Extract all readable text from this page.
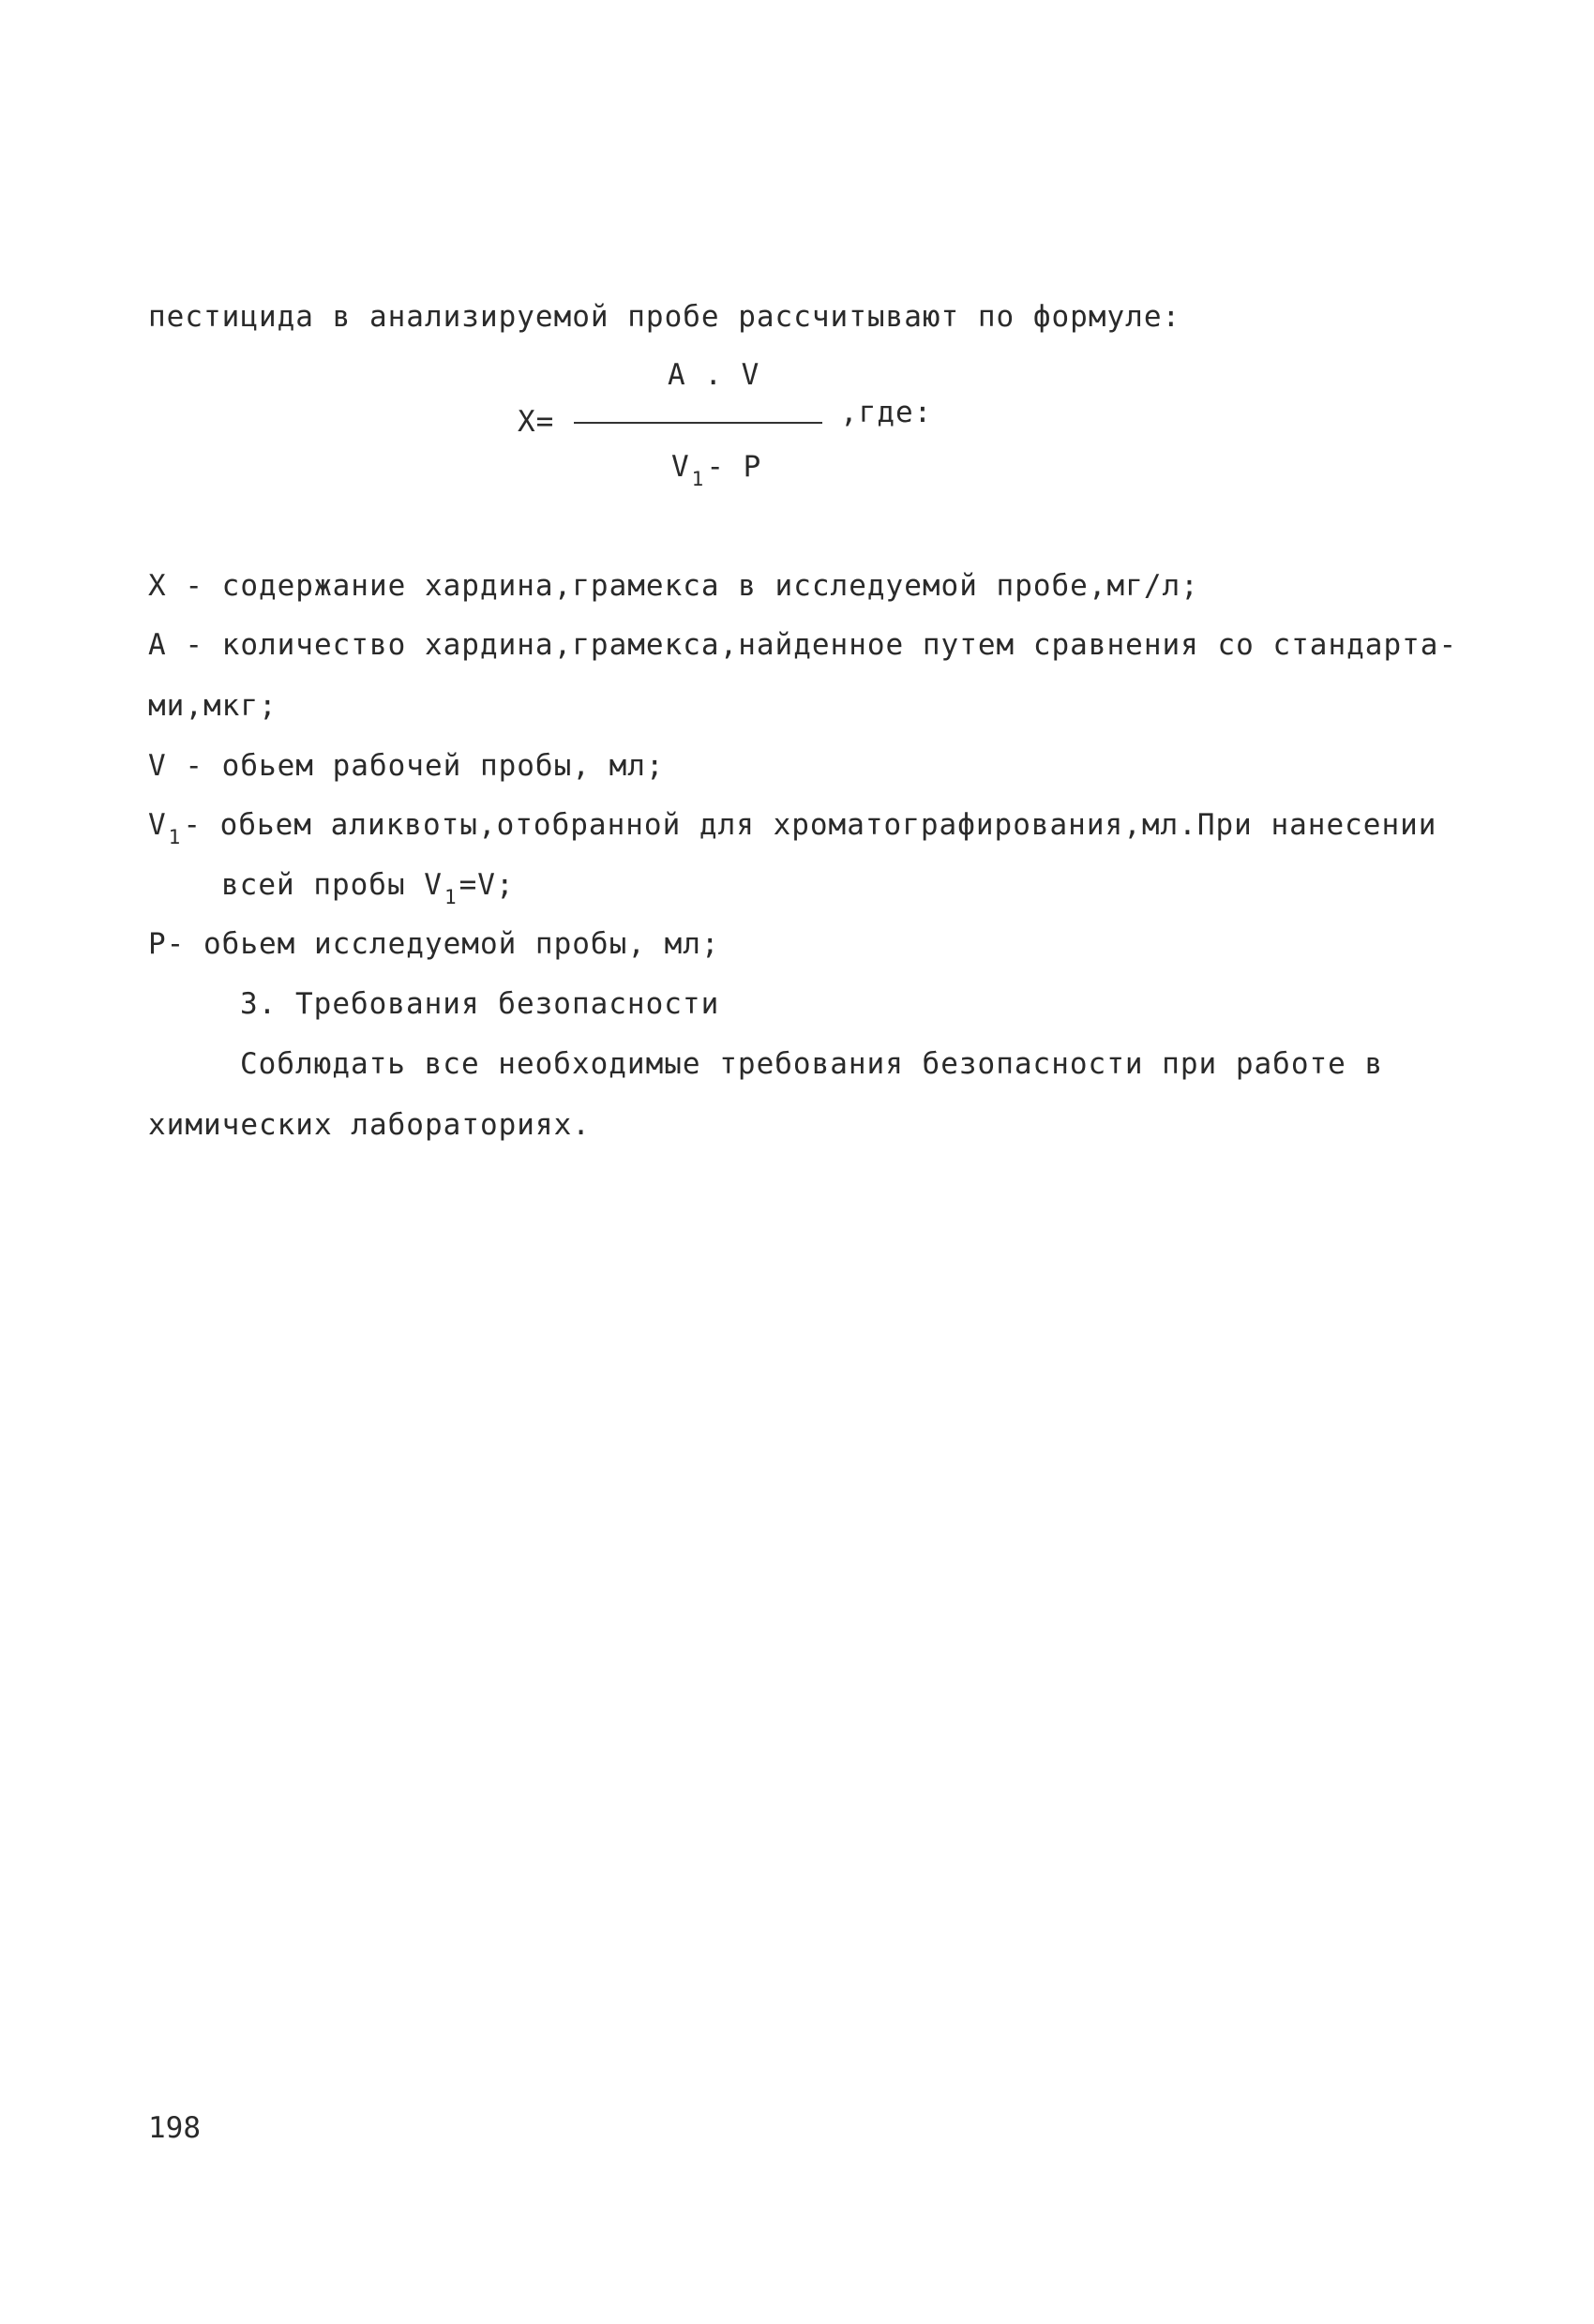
пестицида в анализируемой пробе рассчитывают по формуле:
A . V
X=	,где:
$V_1-$ P
X - содержание хардина,грамекса в исследуемой пробе,мг/л;
A - количество хардина,грамекса,найденное путем сравнения со стандарта-
ми,мкг;
V - обьем рабочей пробы, мл;
$V_1-$ обьем аликвоты,отобранной для хроматографирования,мл.При нанесении
всей пробы $V_1=V$;
P- обьем исследуемой пробы, мл;
3. Требования безопасности
Соблюдать все необходимые требования безопасности при работе в
химических лабораториях.
198
